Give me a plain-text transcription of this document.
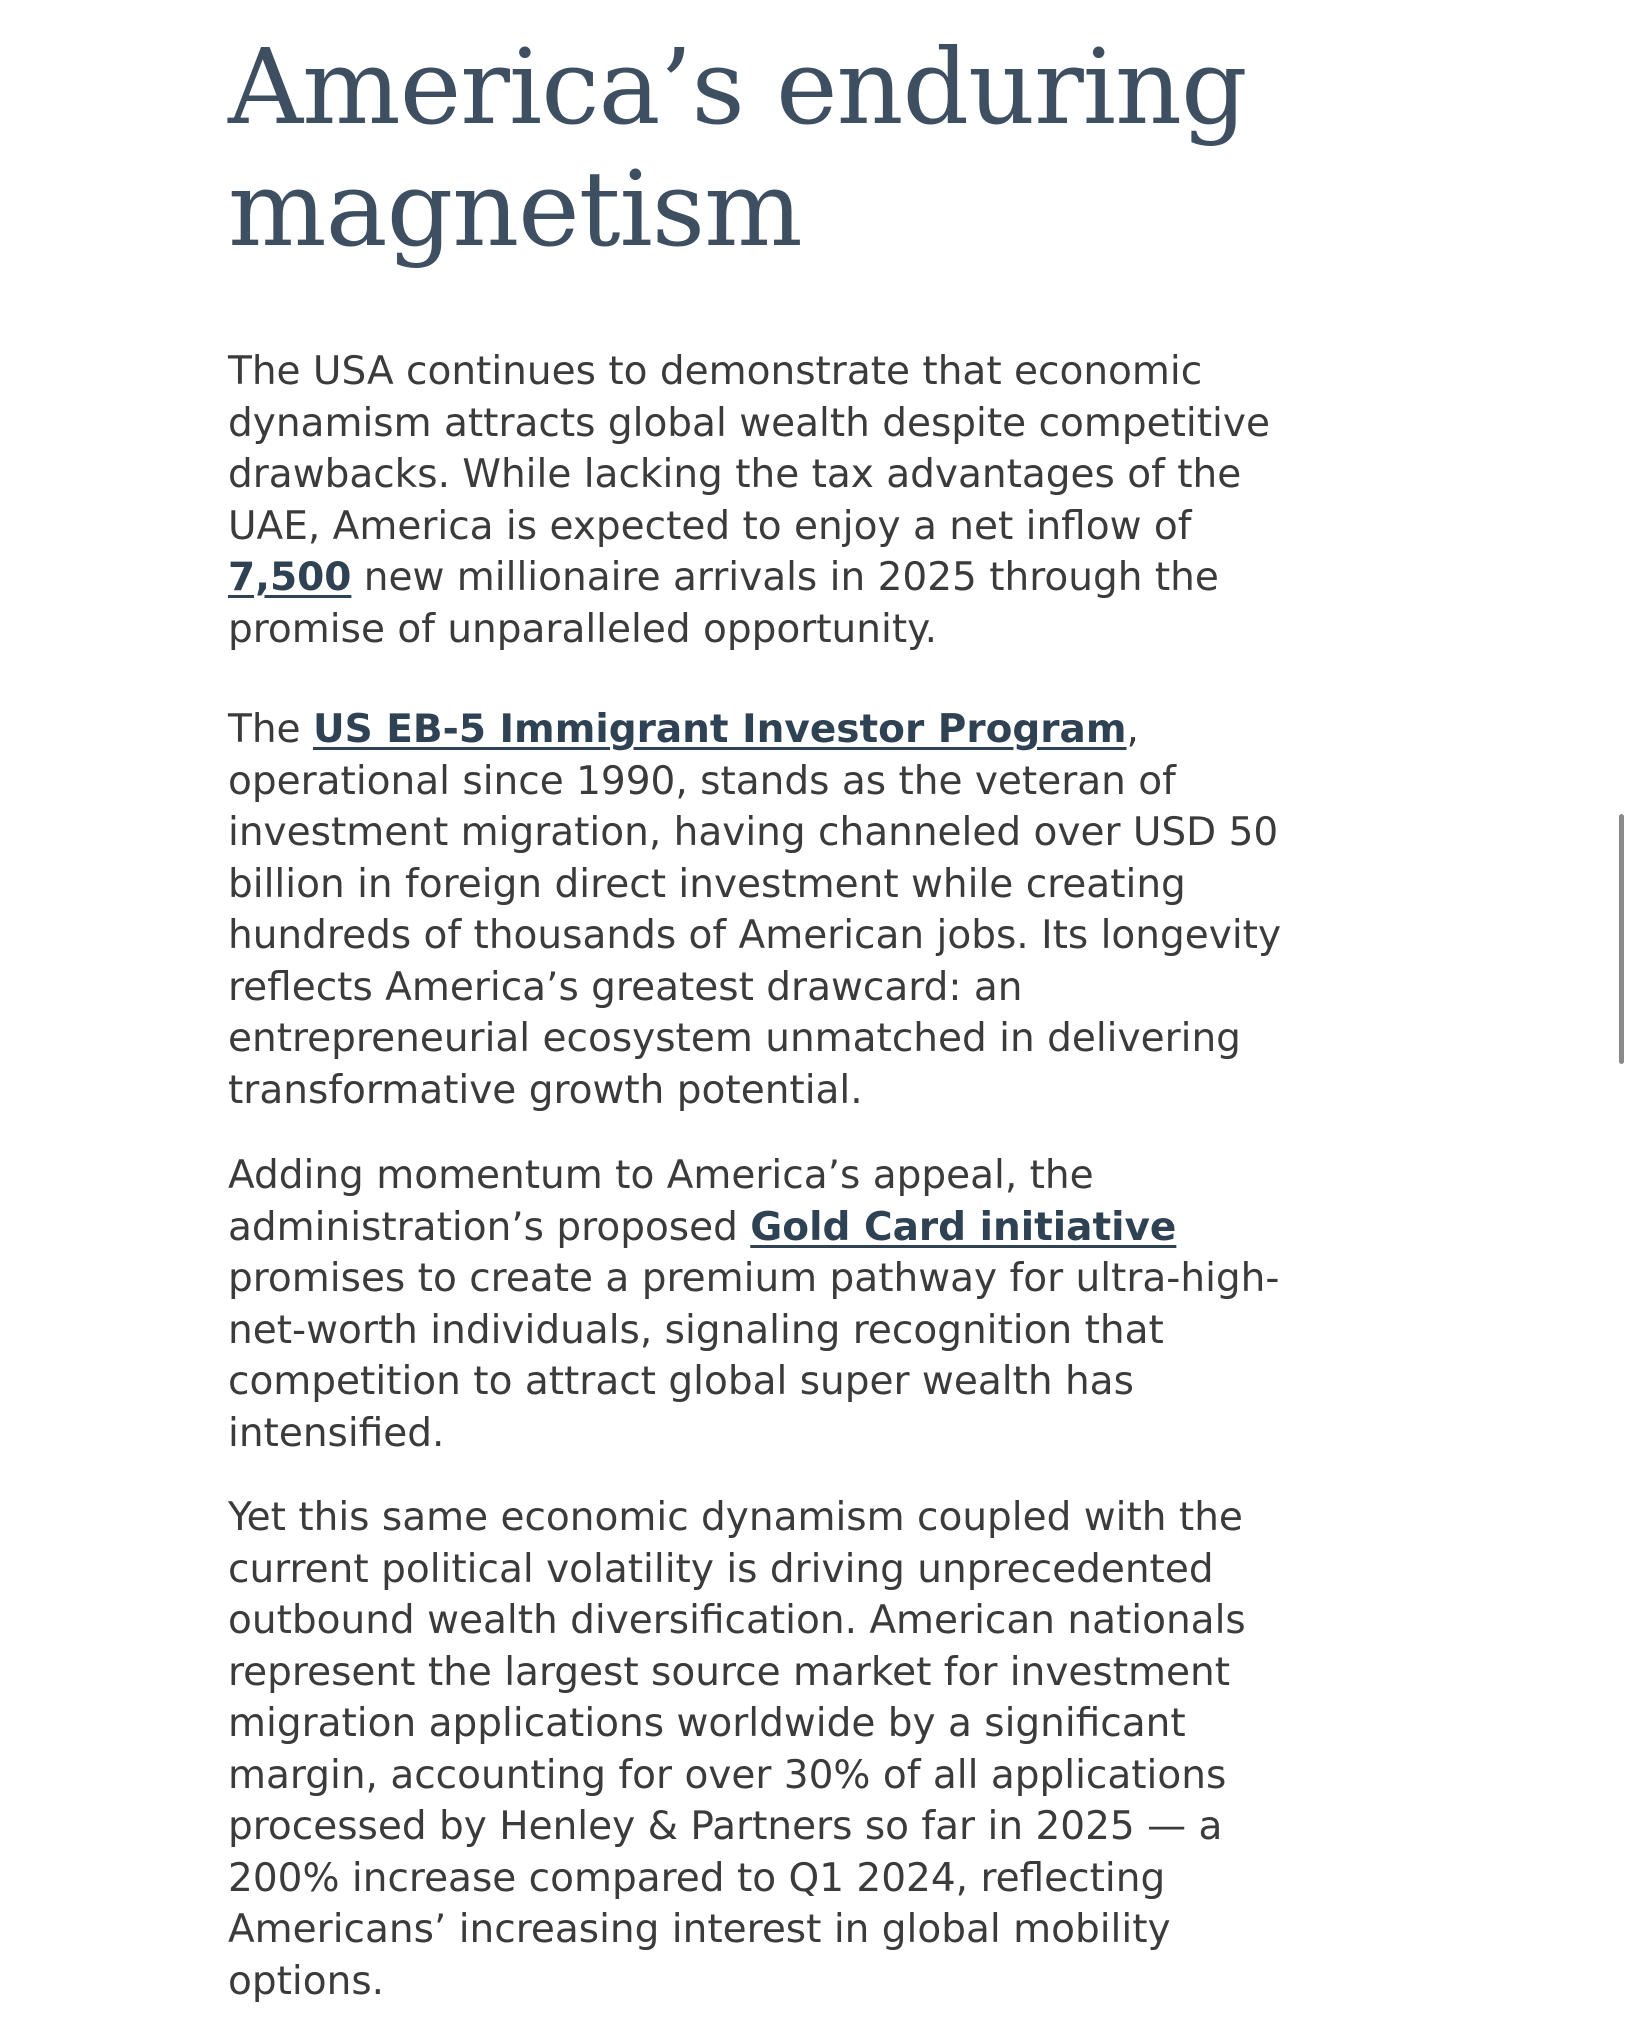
America’s enduring magnetism

The USA continues to demonstrate that economic dynamism attracts global wealth despite competitive drawbacks. While lacking the tax advantages of the UAE, America is expected to enjoy a net inflow of 7,500 new millionaire arrivals in 2025 through the promise of unparalleled opportunity.

The US EB-5 Immigrant Investor Program, operational since 1990, stands as the veteran of investment migration, having channeled over USD 50 billion in foreign direct investment while creating hundreds of thousands of American jobs. Its longevity reflects America’s greatest drawcard: an entrepreneurial ecosystem unmatched in delivering transformative growth potential.

Adding momentum to America’s appeal, the administration’s proposed Gold Card initiative promises to create a premium pathway for ultra-high-net-worth individuals, signaling recognition that competition to attract global super wealth has intensified.

Yet this same economic dynamism coupled with the current political volatility is driving unprecedented outbound wealth diversification. American nationals represent the largest source market for investment migration applications worldwide by a significant margin, accounting for over 30% of all applications processed by Henley & Partners so far in 2025 — a 200% increase compared to Q1 2024, reflecting Americans’ increasing interest in global mobility options.
